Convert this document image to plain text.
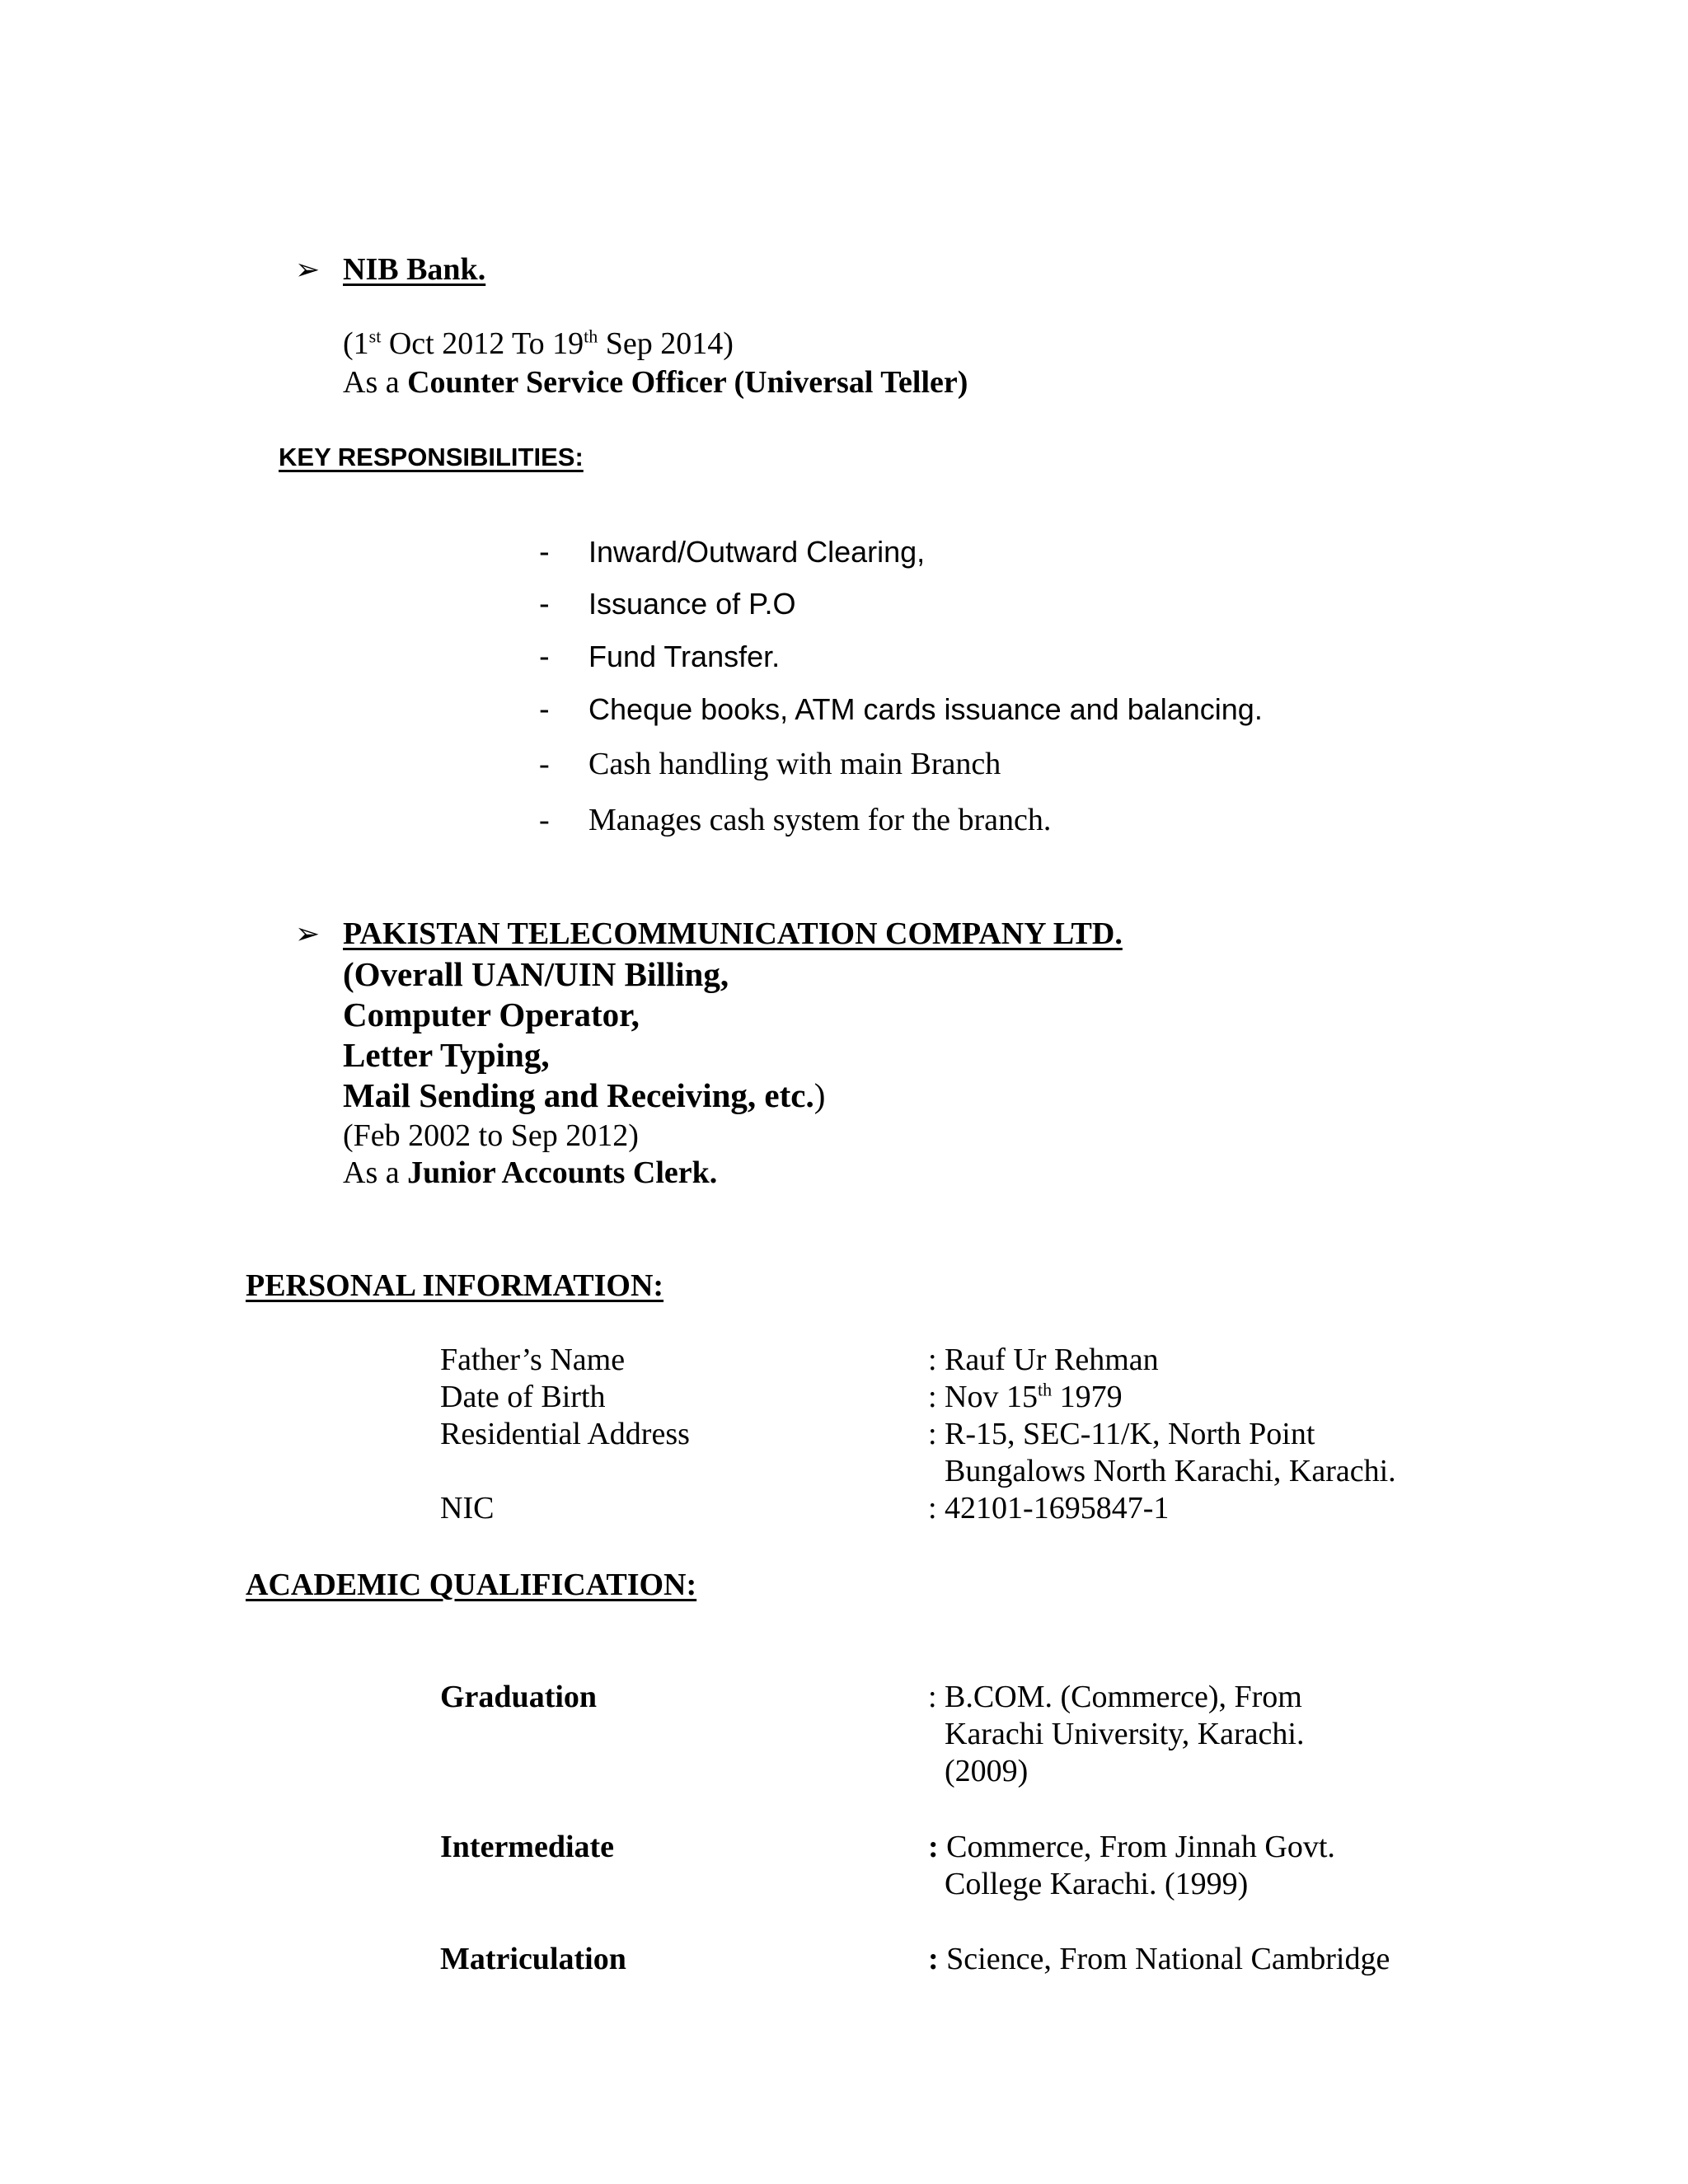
➢ NIB Bank.
(1st Oct 2012 To 19th Sep 2014)
As a Counter Service Officer (Universal Teller)
KEY RESPONSIBILITIES:
- Inward/Outward Clearing,
- Issuance of P.O
- Fund Transfer.
- Cheque books, ATM cards issuance and balancing.
- Cash handling with main Branch
- Manages cash system for the branch.
➢ PAKISTAN TELECOMMUNICATION COMPANY LTD.
(Overall UAN/UIN Billing,
Computer Operator,
Letter Typing,
Mail Sending and Receiving, etc.)
(Feb 2002 to Sep 2012)
As a Junior Accounts Clerk.
PERSONAL INFORMATION:
Father’s Name	: Rauf Ur Rehman
Date of Birth	: Nov 15th 1979
Residential Address	: R-15, SEC-11/K, North Point
Bungalows North Karachi, Karachi.
NIC	: 42101-1695847-1
ACADEMIC QUALIFICATION:
Graduation	: B.COM. (Commerce), From
Karachi University, Karachi.
(2009)
Intermediate	: Commerce, From Jinnah Govt.
College Karachi. (1999)
Matriculation	: Science, From National Cambridge
